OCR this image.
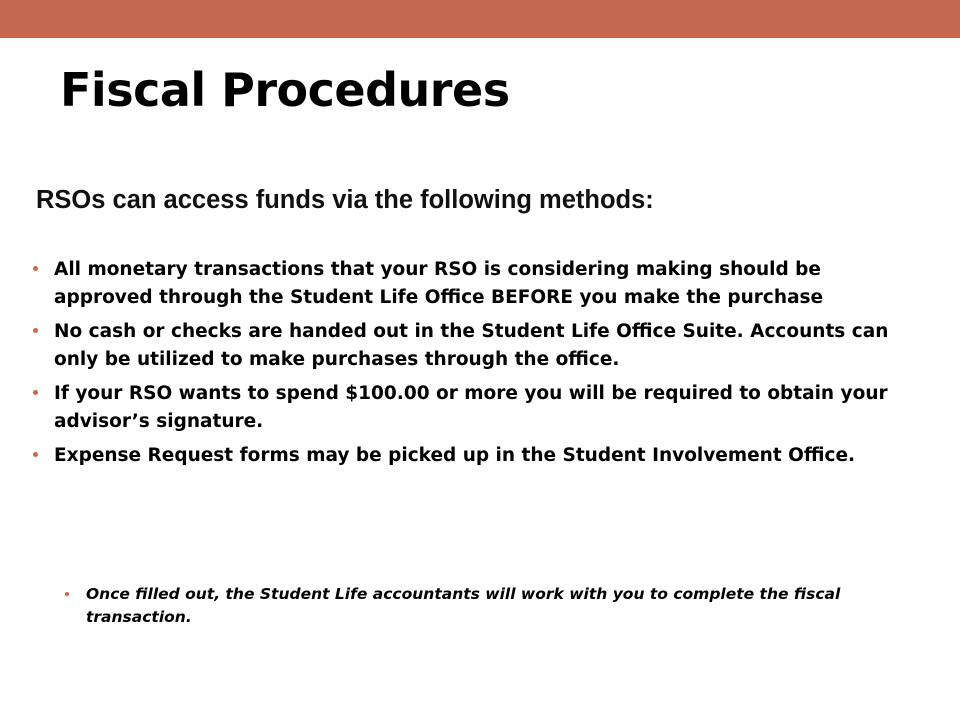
Fiscal Procedures

RSOs can access funds via the following methods:

All monetary transactions that your RSO is considering making should be approved through the Student Life Office BEFORE you make the purchase
No cash or checks are handed out in the Student Life Office Suite. Accounts can only be utilized to make purchases through the office.
If your RSO wants to spend $100.00 or more you will be required to obtain your advisor’s signature.
Expense Request forms may be picked up in the Student Involvement Office.
Once filled out, the Student Life accountants will work with you to complete the fiscal transaction.
